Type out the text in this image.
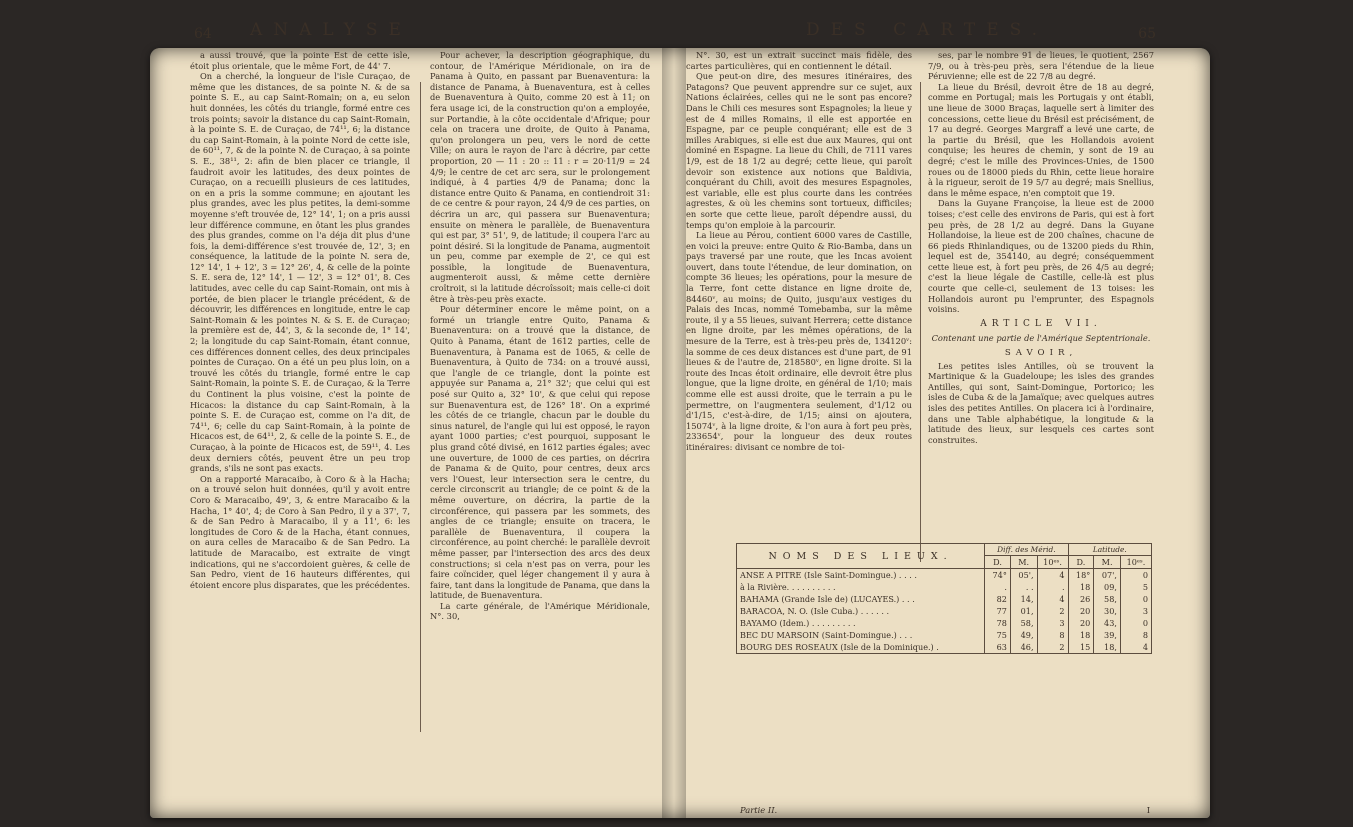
64 ANALYSE

a aussi trouvé, que la pointe Est de cette isle, étoit plus orientale, que le même Fort, de 44' 7.

On a cherché, la longueur de l'isle Curaçao, de même que les distances, de sa pointe N. & de sa pointe S. E., au cap Saint-Romain; on a, eu selon huit données, les côtés du triangle, formé entre ces trois points; savoir la distance du cap Saint-Romain, à la pointe S. E. de Curaçao, de 74¹¹, 6; la distance du cap Saint-Romain, à la pointe Nord de cette isle, de 60¹¹, 7, & de la pointe N. de Curaçao, à sa pointe S. E., 38¹¹, 2: afin de bien placer ce triangle, il faudroit avoir les latitudes, des deux pointes de Curaçao, on a recueilli plusieurs de ces latitudes, on en a pris la somme commune; en ajoutant les plus grandes, avec les plus petites, la demi-somme moyenne s'eft trouvée de, 12° 14', 1; on a pris aussi leur différence commune, en ôtant les plus grandes des plus grandes, comme on l'a déja dit plus d'une fois, la demi-différence s'est trouvée de, 12', 3; en conséquence, la latitude de la pointe N. sera de, 12° 14', 1 + 12', 3 = 12° 26', 4, & celle de la pointe S. E. sera de, 12° 14', 1 — 12', 3 = 12° 01', 8. Ces latitudes, avec celle du cap Saint-Romain, ont mis à portée, de bien placer le triangle précédent, & de découvrir, les différences en longitude, entre le cap Saint-Romain & les pointes N. & S. E. de Curaçao; la première est de, 44', 3, & la seconde de, 1° 14', 2; la longitude du cap Saint-Romain, étant connue, ces différences donnent celles, des deux principales pointes de Curaçao. On a été un peu plus loin, on a trouvé les côtés du triangle, formé entre le cap Saint-Romain, la pointe S. E. de Curaçao, & la Terre du Continent la plus voisine, c'est la pointe de Hicacos: la distance du cap Saint-Romain, à la pointe S. E. de Curaçao est, comme on l'a dit, de 74¹¹, 6; celle du cap Saint-Romain, à la pointe de Hicacos est, de 64¹¹, 2, & celle de la pointe S. E., de Curaçao, à la pointe de Hicacos est, de 59¹¹, 4. Les deux derniers côtés, peuvent être un peu trop grands, s'ils ne sont pas exacts.

On a rapporté Maracaibo, à Coro & à la Hacha; on a trouvé selon huit données, qu'il y avoit entre Coro & Maracaibo, 49', 3, & entre Maracaibo & la Hacha, 1° 40', 4; de Coro à San Pedro, il y a 37', 7, & de San Pedro à Maracaibo, il y a 11', 6: les longitudes de Coro & de la Hacha, étant connues, on aura celles de Maracaibo & de San Pedro. La latitude de Maracaibo, est extraite de vingt indications, qui ne s'accordoient guères, & celle de San Pedro, vient de 16 hauteurs différentes, qui étoient encore plus disparates, que les précédentes.

Pour achever, la description géographique, du contour, de l'Amérique Méridionale, on ira de Panama à Quito, en passant par Buenaventura: la distance de Panama, à Buenaventura, est à celles de Buenaventura à Quito, comme 20 est à 11; on fera usage ici, de la construction qu'on a employée, sur Portandie, à la côte occidentale d'Afrique; pour cela on tracera une droite, de Quito à Panama, qu'on prolongera un peu, vers le nord de cette Ville; on aura le rayon de l'arc à décrire, par cette proportion, 20 — 11 : 20 :: 11 : r = 20·11/9 = 24 4/9; le centre de cet arc sera, sur le prolongement indiqué, à 4 parties 4/9 de Panama; donc la distance entre Quito & Panama, en contiendroit 31: de ce centre & pour rayon, 24 4/9 de ces parties, on décrira un arc, qui passera sur Buenaventura; ensuite on mènera le parallèle, de Buenaventura qui est par, 3° 51', 9, de latitude; il coupera l'arc au point désiré. Si la longitude de Panama, augmentoit un peu, comme par exemple de 2', ce qui est possible, la longitude de Buenaventura, augmenteroit aussi, & même cette dernière croîtroit, si la latitude décroîssoit; mais celle-ci doit être à très-peu près exacte.

Pour déterminer encore le même point, on a formé un triangle entre Quito, Panama & Buenaventura: on a trouvé que la distance, de Quito à Panama, étant de 1612 parties, celle de Buenaventura, à Panama est de 1065, & celle de Buenaventura, à Quito de 734: on a trouvé aussi, que l'angle de ce triangle, dont la pointe est appuyée sur Panama a, 21° 32'; que celui qui est posé sur Quito a, 32° 10', & que celui qui repose sur Buenaventura est, de 126° 18'. On a exprimé les côtés de ce triangle, chacun par le double du sinus naturel, de l'angle qui lui est opposé, le rayon ayant 1000 parties; c'est pourquoi, supposant le plus grand côté divisé, en 1612 parties égales; avec une ouverture, de 1000 de ces parties, on décrira de Panama & de Quito, pour centres, deux arcs vers l'Ouest, leur intersection sera le centre, du cercle circonscrit au triangle; de ce point & de la même ouverture, on décrira, la partie de la circonférence, qui passera par les sommets, des angles de ce triangle; ensuite on tracera, le parallèle de Buenaventura, il coupera la circonférence, au point cherché: le parallèle devroit même passer, par l'intersection des arcs des deux constructions; si cela n'est pas on verra, pour les faire coïncider, quel léger changement il y aura à faire, tant dans la longitude de Panama, que dans la latitude, de Buenaventura.

La carte générale, de l'Amérique Méridionale, N°. 30,

DES CARTES.	65

N°. 30, est un extrait succinct mais fidèle, des cartes particulières, qui en contiennent le détail.

Que peut-on dire, des mesures itinéraires, des Patagons? Que peuvent apprendre sur ce sujet, aux Nations éclairées, celles qui ne le sont pas encore? Dans le Chili ces mesures sont Espagnoles; la lieue y est de 4 milles Romains, il elle est apportée en Espagne, par ce peuple conquérant; elle est de 3 milles Arabiques, si elle est due aux Maures, qui ont dominé en Espagne. La lieue du Chili, de 7111 vares 1/9, est de 18 1/2 au degré; cette lieue, qui paroît devoir son existence aux notions que Baldivia, conquérant du Chili, avoit des mesures Espagnoles, est variable, elle est plus courte dans les contrées agrestes, & où les chemins sont tortueux, difficiles; en sorte que cette lieue, paroît dépendre aussi, du temps qu'on emploie à la parcourir.

La lieue au Pérou, contient 6000 vares de Castille, en voici la preuve: entre Quito & Rio-Bamba, dans un pays traversé par une route, que les Incas avoient ouvert, dans toute l'étendue, de leur domination, on compte 36 lieues; les opérations, pour la mesure de la Terre, font cette distance en ligne droite de, 84460ᵛ, au moins; de Quito, jusqu'aux vestiges du Palais des Incas, nommé Tomebamba, sur la même route, il y a 55 lieues, suivant Herrera; cette distance en ligne droite, par les mêmes opérations, de la mesure de la Terre, est à très-peu près de, 134120ᵛ: la somme de ces deux distances est d'une part, de 91 lieues & de l'autre de, 218580ᵛ, en ligne droite. Si la route des Incas étoit ordinaire, elle devroit être plus longue, que la ligne droite, en général de 1/10; mais comme elle est aussi droite, que le terrain a pu le permettre, on l'augmentera seulement, d'1/12 ou d'1/15, c'est-à-dire, de 1/15; ainsi on ajoutera, 15074ᵛ, à la ligne droite, & l'on aura à fort peu près, 233654ᵛ, pour la longueur des deux routes itinéraires: divisant ce nombre de toi-

ses, par le nombre 91 de lieues, le quotient, 2567 7/9, ou à très-peu près, sera l'étendue de la lieue Péruvienne; elle est de 22 7/8 au degré.

La lieue du Brésil, devroit être de 18 au degré, comme en Portugal; mais les Portugais y ont établi, une lieue de 3000 Braças, laquelle sert à limiter des concessions, cette lieue du Brésil est précisément, de 17 au degré. Georges Margraff a levé une carte, de la partie du Brésil, que les Hollandois avoient conquise; les heures de chemin, y sont de 19 au degré; c'est le mille des Provinces-Unies, de 1500 roues ou de 18000 pieds du Rhin, cette lieue horaire à la rigueur, seroit de 19 5/7 au degré; mais Snellius, dans le même espace, n'en comptoit que 19.

Dans la Guyane Françoise, la lieue est de 2000 toises; c'est celle des environs de Paris, qui est à fort peu près, de 28 1/2 au degré. Dans la Guyane Hollandoise, la lieue est de 200 chaînes, chacune de 66 pieds Rhinlandiques, ou de 13200 pieds du Rhin, lequel est de, 354140, au degré; conséquemment cette lieue est, à fort peu près, de 26 4/5 au degré; c'est la lieue légale de Castille, celle-là est plus courte que celle-ci, seulement de 13 toises: les Hollandois auront pu l'emprunter, des Espagnols voisins.

ARTICLE VII.
Contenant une partie de l'Amérique Septentrionale.
SAVOIR,

Les petites isles Antilles, où se trouvent la Martinique & la Guadeloupe; les isles des grandes Antilles, qui sont, Saint-Domingue, Portorico; les isles de Cuba & de la Jamaïque; avec quelques autres isles des petites Antilles. On placera ici à l'ordinaire, dans une Table alphabétique, la longitude & la latitude des lieux, sur lesquels ces cartes sont construites.

NOMS DES LIEUX.	Diff. des Mérid.			Latitude.		
	D.	M.	10ᵉˢ.	D.	M.	10ᵉˢ.
ANSE A PITRE (Isle Saint-Domingue.) . . . .	74°	05',	4	18°	07',	0
à la Rivière. . . . . . . . . .	.	. .	.	18	09,	5
BAHAMA (Grande Isle de) (LUCAYES.) . . .	82	14,	4	26	58,	0
BARACOA, N. O. (Isle Cuba.) . . . . . .	77	01,	2	20	30,	3
BAYAMO (Idem.) . . . . . . . . .	78	58,	3	20	43,	0
BEC DU MARSOIN (Saint-Domingue.) . . .	75	49,	8	18	39,	8
BOURG DES ROSEAUX (Isle de la Dominique.) .	63	46,	2	15	18,	4
Partie II.	I
